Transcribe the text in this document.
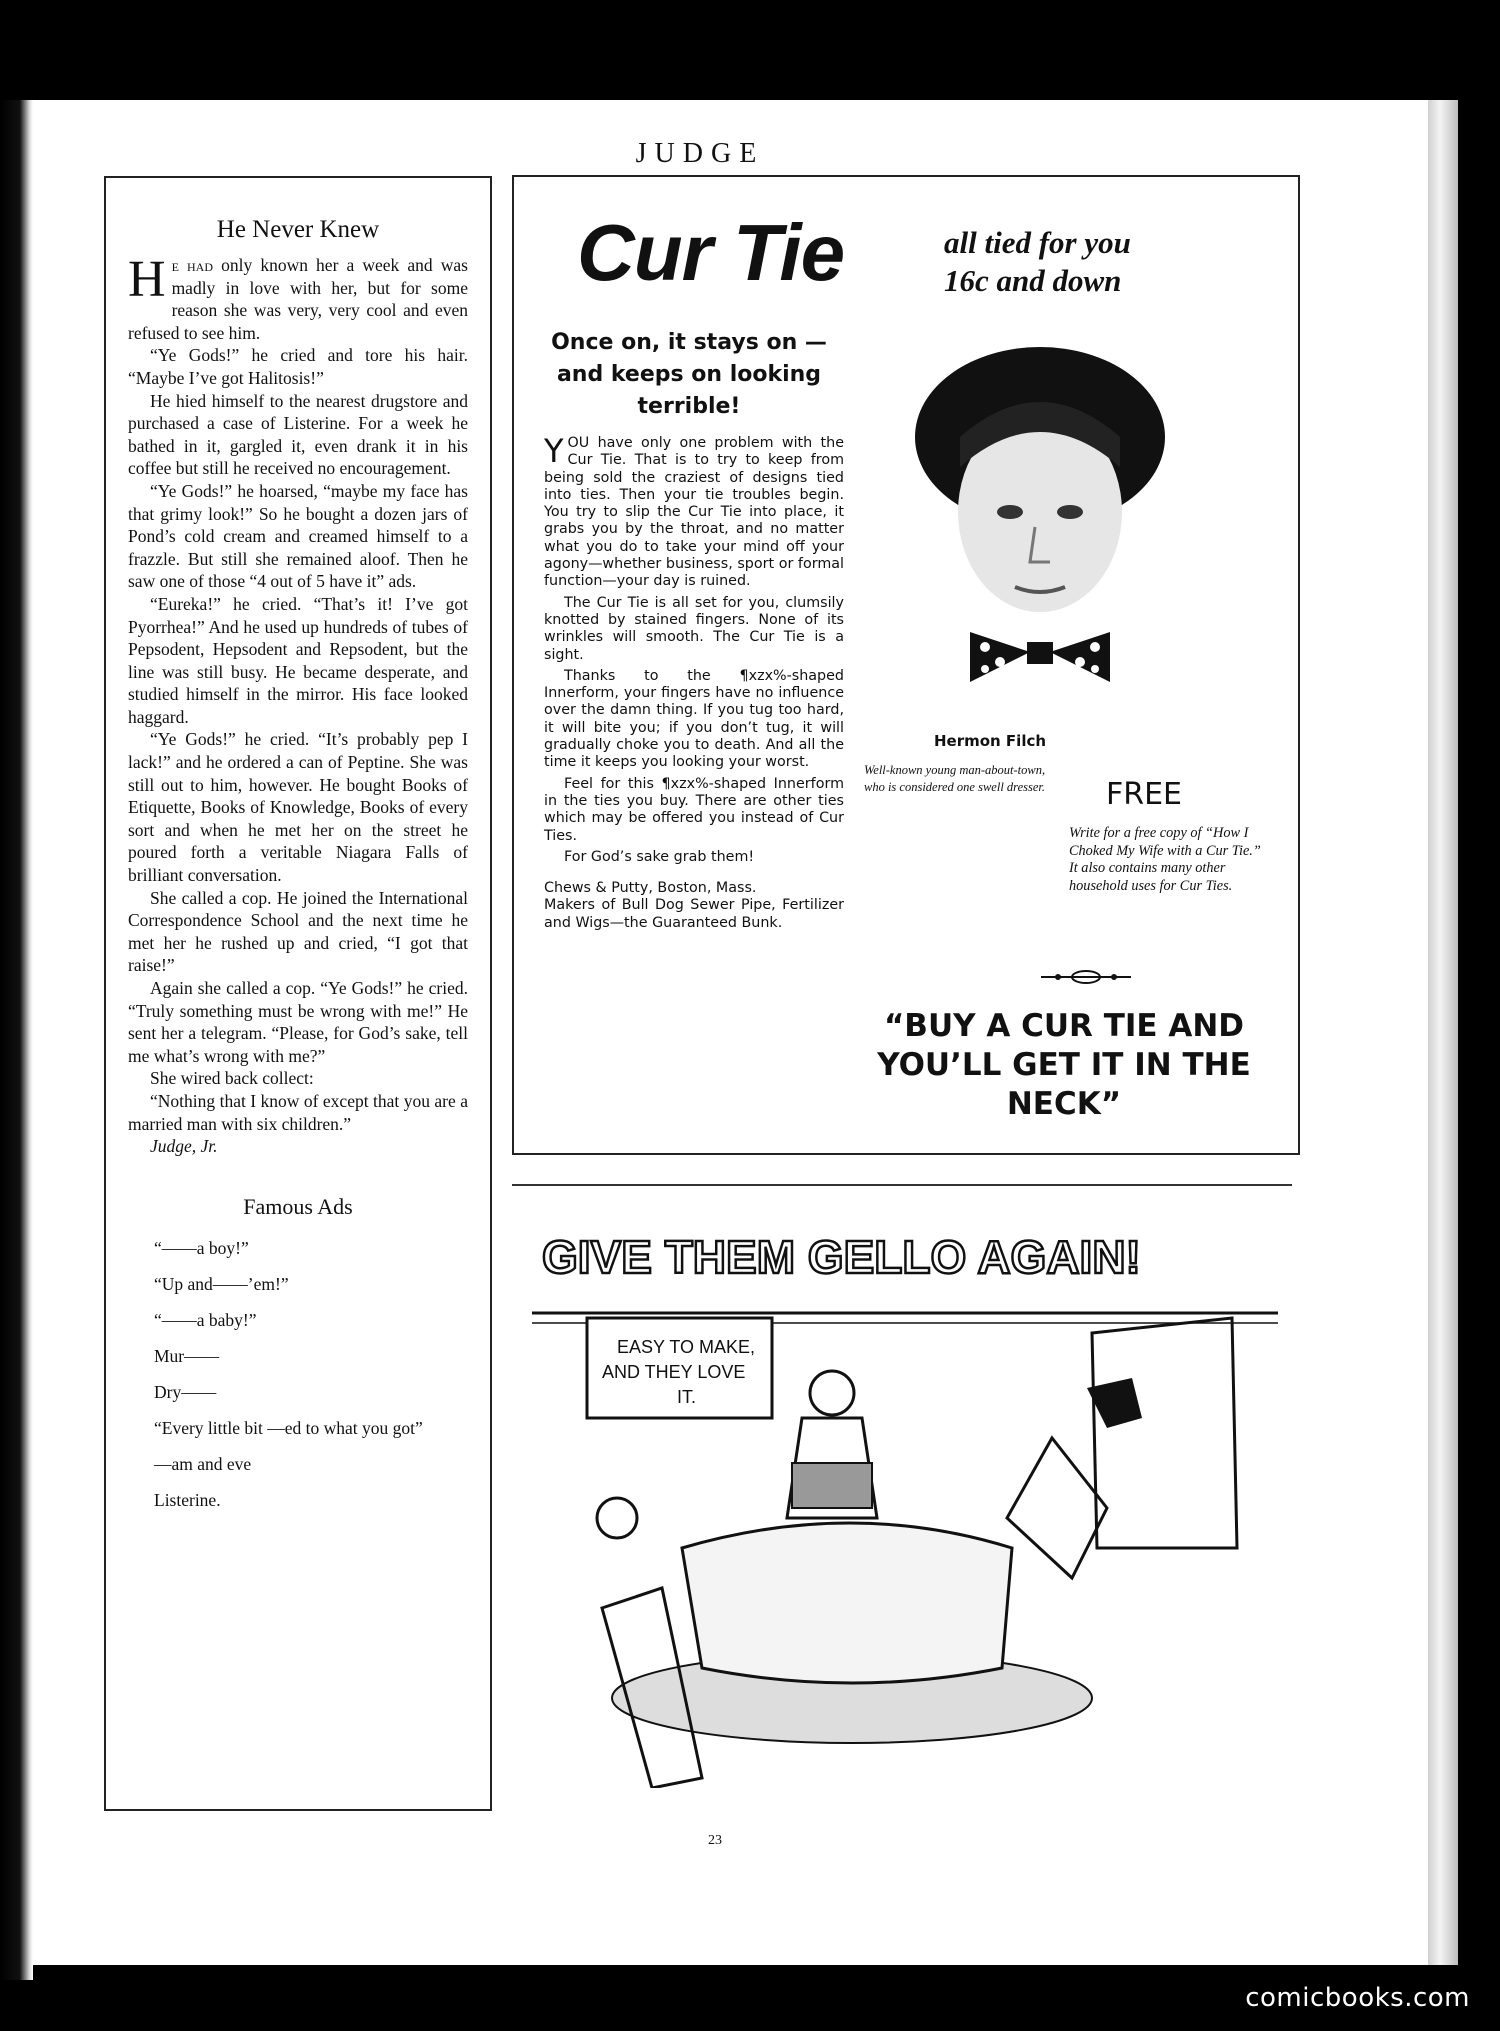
JUDGE
He Never Knew

He had only known her a week and was madly in love with her, but for some reason she was very, very cool and even refused to see him.

“Ye Gods!” he cried and tore his hair. “Maybe I’ve got Halitosis!”

He hied himself to the nearest drugstore and purchased a case of Listerine. For a week he bathed in it, gargled it, even drank it in his coffee but still he received no encouragement.

“Ye Gods!” he hoarsed, “maybe my face has that grimy look!” So he bought a dozen jars of Pond’s cold cream and creamed himself to a frazzle. But still she remained aloof. Then he saw one of those “4 out of 5 have it” ads.

“Eureka!” he cried. “That’s it! I’ve got Pyorrhea!” And he used up hundreds of tubes of Pepsodent, Hepsodent and Repsodent, but the line was still busy. He became desperate, and studied himself in the mirror. His face looked haggard.

“Ye Gods!” he cried. “It’s probably pep I lack!” and he ordered a can of Peptine. She was still out to him, however. He bought Books of Etiquette, Books of Knowledge, Books of every sort and when he met her on the street he poured forth a veritable Niagara Falls of brilliant conversation.

She called a cop. He joined the International Correspondence School and the next time he met her he rushed up and cried, “I got that raise!”

Again she called a cop. “Ye Gods!” he cried. “Truly something must be wrong with me!” He sent her a telegram. “Please, for God’s sake, tell me what’s wrong with me?”

She wired back collect:

“Nothing that I know of except that you are a married man with six children.”

Judge, Jr.

Famous Ads
“——a boy!”
“Up and——’em!”
“——a baby!”
Mur——
Dry——
“Every little bit —ed to what you got”
—am and eve
Listerine.
Cur Tie	all tied for you
16c and down
Once on, it stays on —and keeps on looking terrible!

YOU have only one problem with the Cur Tie. That is to try to keep from being sold the craziest of designs tied into ties. Then your tie troubles begin. You try to slip the Cur Tie into place, it grabs you by the throat, and no matter what you do to take your mind off your agony—whether business, sport or formal function—your day is ruined.

The Cur Tie is all set for you, clumsily knotted by stained fingers. None of its wrinkles will smooth. The Cur Tie is a sight.

Thanks to the ¶xzx%-shaped Innerform, your fingers have no influence over the damn thing. If you tug too hard, it will bite you; if you don’t tug, it will gradually choke you to death. And all the time it keeps you looking your worst.

Feel for this ¶xzx%-shaped Innerform in the ties you buy. There are other ties which may be offered you instead of Cur Ties.

For God’s sake grab them!

Chews & Putty, Boston, Mass.
Makers of Bull Dog Sewer Pipe, Fertilizer and Wigs—the Guaranteed Bunk.

Hermon Filch
Well-known young man-about-town, who is considered one swell dresser.	FREE
Write for a free copy of “How I Choked My Wife with a Cur Tie.” It also contains many other household uses for Cur Ties.
“BUY A CUR TIE AND YOU’LL GET IT IN THE NECK”
GIVE THEM GELLO AGAIN!
EASY TO MAKE,
AND THEY LOVE
IT.
23
comicbooks.com
